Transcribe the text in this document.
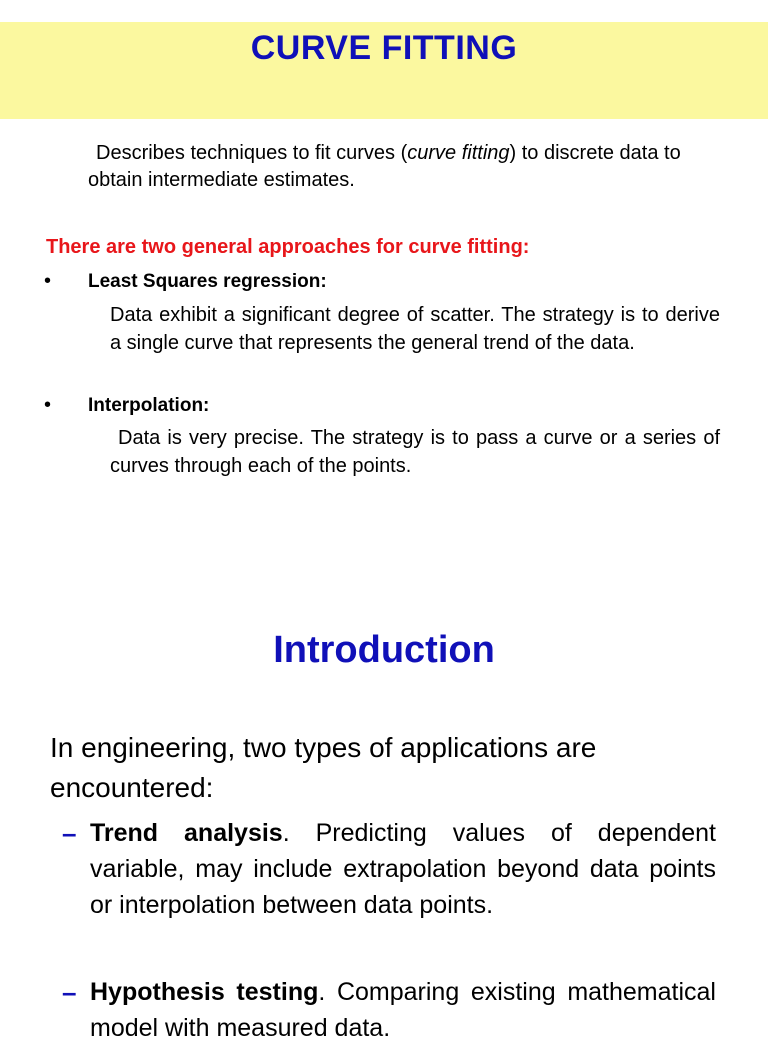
CURVE FITTING
Describes techniques to fit curves (curve fitting) to discrete data to obtain intermediate estimates.
There are two general approaches for curve fitting:
• Least Squares regression:
Data exhibit a significant degree of scatter. The strategy is to derive a single curve that represents the general trend of the data.
• Interpolation:
Data is very precise. The strategy is to pass a curve or a series of curves through each of the points.
Introduction
In engineering, two types of applications are encountered:
– Trend analysis. Predicting values of dependent variable, may include extrapolation beyond data points or interpolation between data points.
– Hypothesis testing. Comparing existing mathematical model with measured data.
